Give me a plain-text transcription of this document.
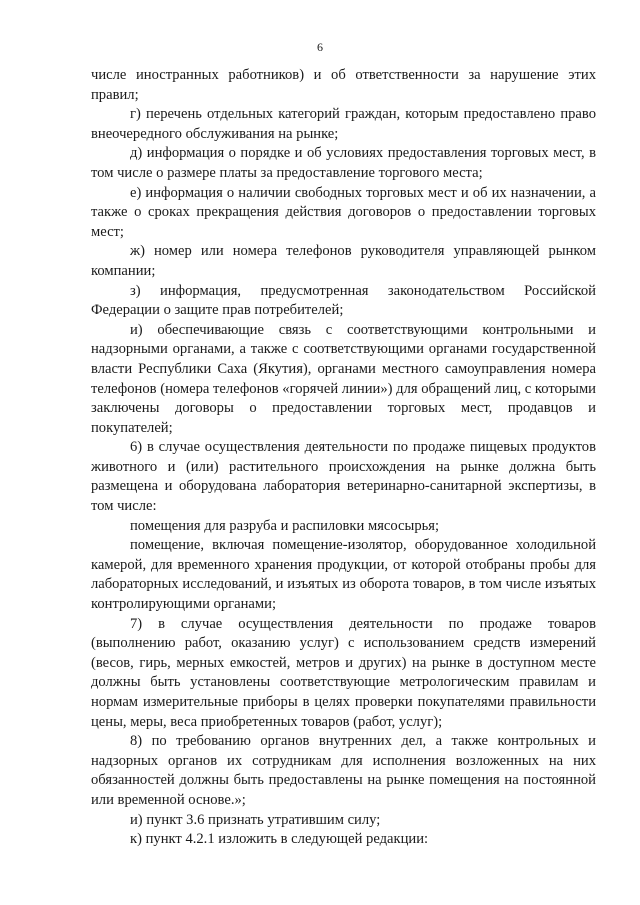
6

числе иностранных работников) и об ответственности за нарушение этих правил;

г) перечень отдельных категорий граждан, которым предоставлено право внеочередного обслуживания на рынке;

д) информация о порядке и об условиях предоставления торговых мест, в том числе о размере платы за предоставление торгового места;

е) информация о наличии свободных торговых мест и об их назначении, а также о сроках прекращения действия договоров о предоставлении торговых мест;

ж) номер или номера телефонов руководителя управляющей рынком компании;

з) информация, предусмотренная законодательством Российской Федерации о защите прав потребителей;

и) обеспечивающие связь с соответствующими контрольными и надзорными органами, а также с соответствующими органами государственной власти Республики Саха (Якутия), органами местного самоуправления номера телефонов (номера телефонов «горячей линии») для обращений лиц, с которыми заключены договоры о предоставлении торговых мест, продавцов и покупателей;

6) в случае осуществления деятельности по продаже пищевых продуктов животного и (или) растительного происхождения на рынке должна быть размещена и оборудована лаборатория ветеринарно-санитарной экспертизы, в том числе:

помещения для разруба и распиловки мясосырья;

помещение, включая помещение-изолятор, оборудованное холодильной камерой, для временного хранения продукции, от которой отобраны пробы для лабораторных исследований, и изъятых из оборота товаров, в том числе изъятых контролирующими органами;

7) в случае осуществления деятельности по продаже товаров (выполнению работ, оказанию услуг) с использованием средств измерений (весов, гирь, мерных емкостей, метров и других) на рынке в доступном месте должны быть установлены соответствующие метрологическим правилам и нормам измерительные приборы в целях проверки покупателями правильности цены, меры, веса приобретенных товаров (работ, услуг);

8) по требованию органов внутренних дел, а также контрольных и надзорных органов их сотрудникам для исполнения возложенных на них обязанностей должны быть предоставлены на рынке помещения на постоянной или временной основе.»;

и) пункт 3.6 признать утратившим силу;

к) пункт 4.2.1 изложить в следующей редакции:
